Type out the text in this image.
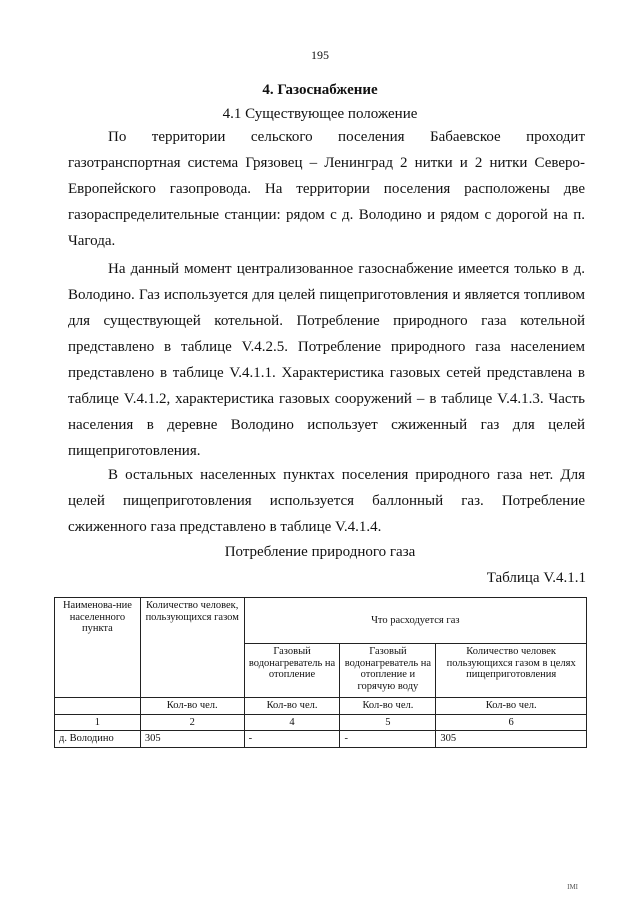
195
4. Газоснабжение
4.1 Существующее положение

По территории сельского поселения Бабаевское проходит газотранспортная система Грязовец – Ленинград 2 нитки и 2 нитки Северо-Европейского газопровода. На территории поселения расположены две газораспределительные станции: рядом с д. Володино и рядом с дорогой на п. Чагода.

На данный момент централизованное газоснабжение имеется только в д. Володино. Газ используется для целей пищеприготовления и является топливом для существующей котельной. Потребление природного газа котельной представлено в таблице V.4.2.5. Потребление природного газа населением представлено в таблице V.4.1.1. Характеристика газовых сетей представлена в таблице V.4.1.2, характеристика газовых сооружений – в таблице V.4.1.3. Часть населения в деревне Володино использует сжиженный газ для целей пищеприготовления.

В остальных населенных пунктах поселения природного газа нет. Для целей пищеприготовления используется баллонный газ. Потребление сжиженного газа представлено в таблице V.4.1.4.

Потребление природного газа
Таблица V.4.1.1
Наименова-ние населенного пункта	Количество человек, пользующихся газом	Что расходуется газ		
		Газовый водонагреватель на отопление	Газовый водонагреватель на отопление и горячую воду	Количество человек пользующихся газом в целях пищеприготовления
	Кол-во чел.	Кол-во чел.	Кол-во чел.	Кол-во чел.
1	2	4	5	6
д. Володино	305	-	-	305
IMI
